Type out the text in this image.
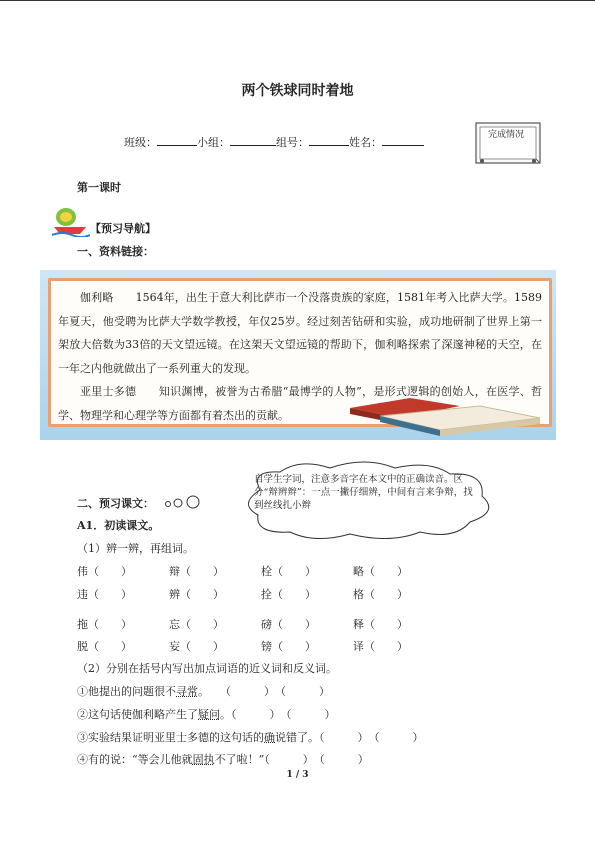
两个铁球同时着地
班级：	小组：	组号：	姓名：
完成情况
第一课时
【预习导航】
一、资料链接：
伽利略　　 1564年，出生于意大利比萨市一个没落贵族的家庭，1581年考入比萨大学。1589年夏天，他受聘为比萨大学数学教授，年仅25岁。经过刻苦钻研和实验，成功地研制了世界上第一架放大倍数为33倍的天文望远镜。在这架天文望远镜的帮助下，伽利略探索了深邃神秘的天空，在一年之内他就做出了一系列重大的发现。
亚里士多德　　 知识渊博，被誉为古希腊“最博学的人物”，是形式逻辑的创始人，在医学、哲学、物理学和心理学等方面都有着杰出的贡献。
自学生字词，注意多音字在本文中的正确读音。区分“辩辨辫”：一点一撇仔细辨，中间有言来争辩，找到丝线扎小辫
二、预习课文：
A1．初读课文。
（1）辨一辨，再组词。
伟（　　）	辩（　　）	栓（　　）	略（　　）
违（　　）	辨（　　）	拴（　　）	格（　　）
拖（　　）	忘（　　）	磅（　　）	释（　　）
脱（　　）	妄（　　）	镑（　　）	译（　　）
（2）分别在括号内写出加点词语的近义词和反义词。
①他提出的问题很不寻常。　　（　　　）　（　　　）
②这句话使伽利略产生了疑问。（　　　）　（　　　）
③实验结果证明亚里士多德的这句话的确说错了。（　　　）　（　　　）
④有的说：“等会儿他就固执不了啦！”（　　　）　（　　　）
1 / 3
